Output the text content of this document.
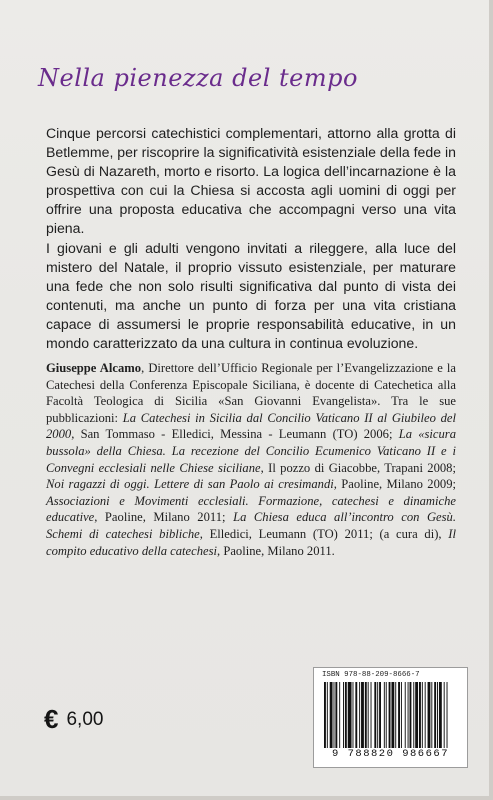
Nella pienezza del tempo

Cinque percorsi catechistici complementari, attorno alla grotta di Betlemme, per riscoprire la significatività esistenziale della fede in Gesù di Nazareth, morto e risorto. La logica dell’incarnazione è la prospettiva con cui la Chiesa si accosta agli uomini di oggi per offrire una proposta educativa che accompagni verso una vita piena.

I giovani e gli adulti vengono invitati a rileggere, alla luce del mistero del Natale, il proprio vissuto esistenziale, per maturare una fede che non solo risulti significativa dal punto di vista dei contenuti, ma anche un punto di forza per una vita cristiana capace di assumersi le proprie responsabilità educative, in un mondo caratterizzato da una cultura in continua evoluzione.

Giuseppe Alcamo, Direttore dell’Ufficio Regionale per l’Evangelizzazione e la Catechesi della Conferenza Episcopale Siciliana, è docente di Catechetica alla Facoltà Teologica di Sicilia «San Giovanni Evangelista». Tra le sue pubblicazioni: La Catechesi in Sicilia dal Concilio Vaticano II al Giubileo del 2000, San Tommaso - Elledici, Messina - Leumann (TO) 2006; La «sicura bussola» della Chiesa. La recezione del Concilio Ecumenico Vaticano II e i Convegni ecclesiali nelle Chiese siciliane, Il pozzo di Giacobbe, Trapani 2008; Noi ragazzi di oggi. Lettere di san Paolo ai cresimandi, Paoline, Milano 2009; Associazioni e Movimenti ecclesiali. Formazione, catechesi e dinamiche educative, Paoline, Milano 2011; La Chiesa educa all’incontro con Gesù. Schemi di catechesi bibliche, Elledici, Leumann (TO) 2011; (a cura di), Il compito educativo della catechesi, Paoline, Milano 2011.
€ 6,00
ISBN 978-88-209-8666-7
9 788820 986667
